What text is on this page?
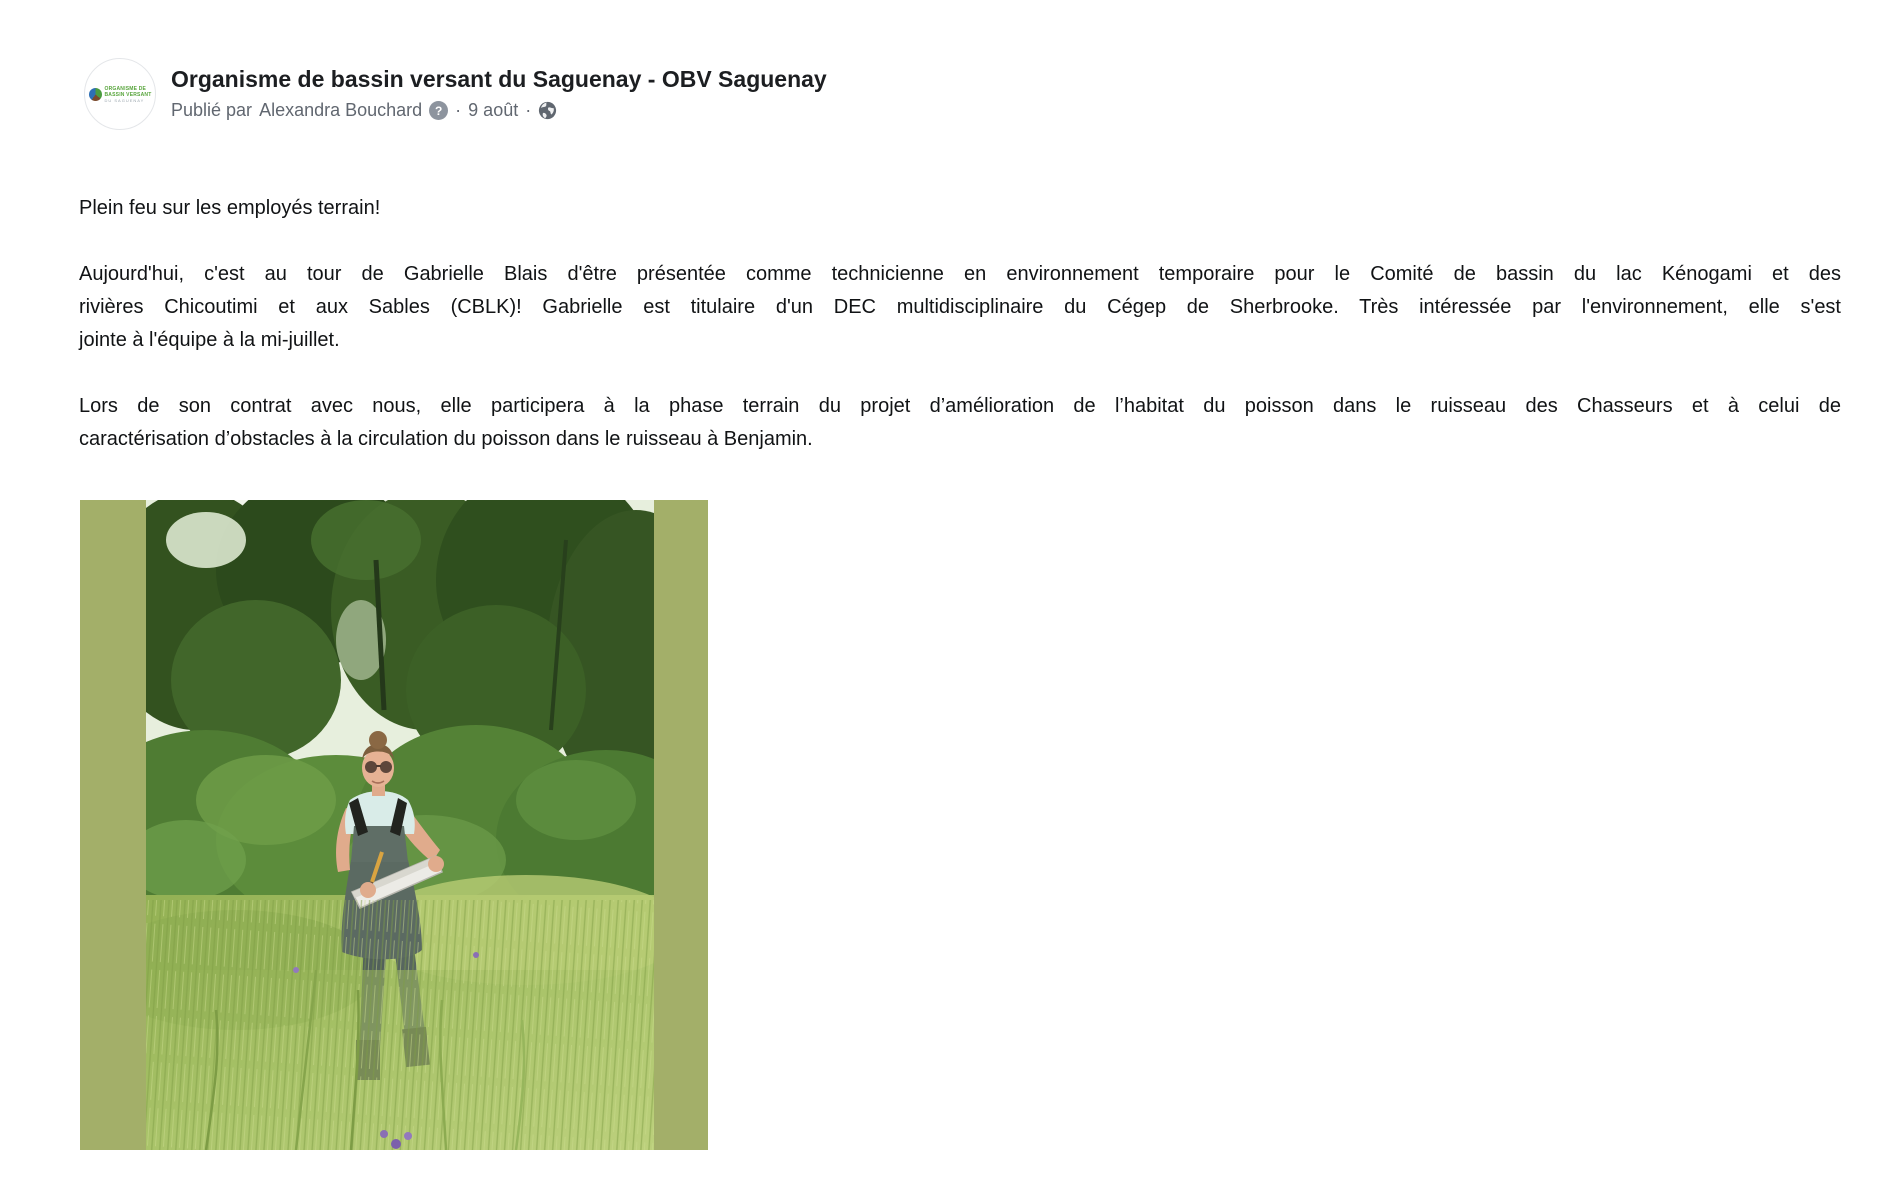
ORGANISME DE
BASSIN VERSANT
DU SAGUENAY
Organisme de bassin versant du Saguenay - OBV Saguenay
Publié par Alexandra Bouchard	? · 9 août ·
Plein feu sur les employés terrain!
Aujourd'hui, c'est au tour de Gabrielle Blais d'être présentée comme technicienne en environnement temporaire pour le Comité de bassin du lac Kénogami et des
rivières Chicoutimi et aux Sables (CBLK)! Gabrielle est titulaire d'un DEC multidisciplinaire du Cégep de Sherbrooke. Très intéressée par l'environnement, elle s'est
jointe à l'équipe à la mi-juillet.
Lors de son contrat avec nous, elle participera à la phase terrain du projet d’amélioration de l’habitat du poisson dans le ruisseau des Chasseurs et à celui de
caractérisation d’obstacles à la circulation du poisson dans le ruisseau à Benjamin.
